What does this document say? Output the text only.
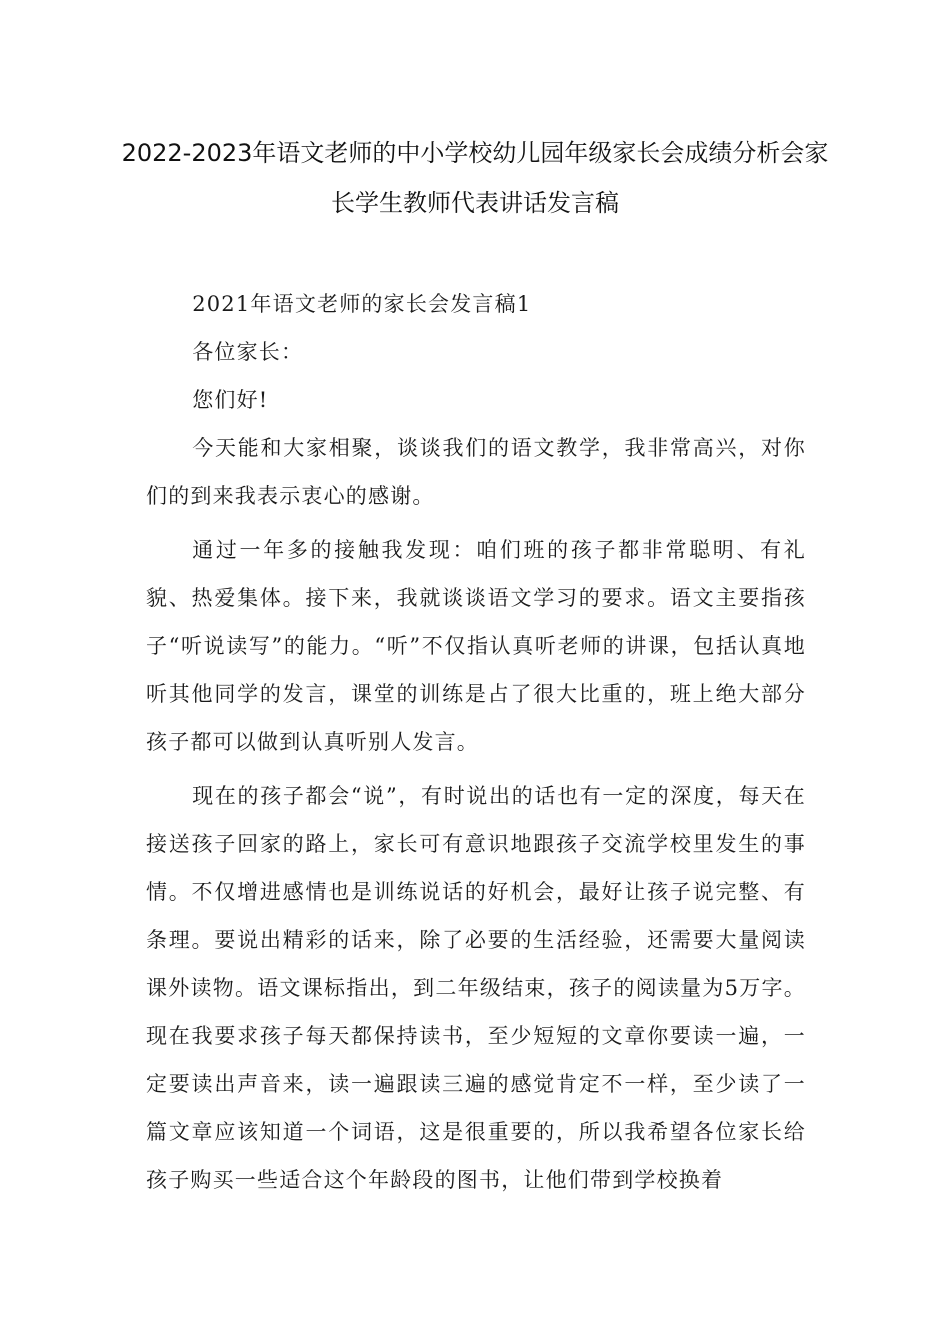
2022-2023年语文老师的中小学校幼儿园年级家长会成绩分析会家
长学生教师代表讲话发言稿

2021年语文老师的家长会发言稿1

各位家长：

您们好!

今天能和大家相聚，谈谈我们的语文教学，我非常高兴，对你们的到来我表示衷心的感谢。

通过一年多的接触我发现：咱们班的孩子都非常聪明、有礼貌、热爱集体。接下来，我就谈谈语文学习的要求。语文主要指孩子“听说读写”的能力。“听”不仅指认真听老师的讲课，包括认真地听其他同学的发言，课堂的训练是占了很大比重的，班上绝大部分孩子都可以做到认真听别人发言。

现在的孩子都会“说”，有时说出的话也有一定的深度，每天在接送孩子回家的路上，家长可有意识地跟孩子交流学校里发生的事情。不仅增进感情也是训练说话的好机会，最好让孩子说完整、有条理。要说出精彩的话来，除了必要的生活经验，还需要大量阅读课外读物。语文课标指出，到二年级结束，孩子的阅读量为5万字。现在我要求孩子每天都保持读书，至少短短的文章你要读一遍，一定要读出声音来，读一遍跟读三遍的感觉肯定不一样，至少读了一篇文章应该知道一个词语，这是很重要的，所以我希望各位家长给孩子购买一些适合这个年龄段的图书，让他们带到学校换着
